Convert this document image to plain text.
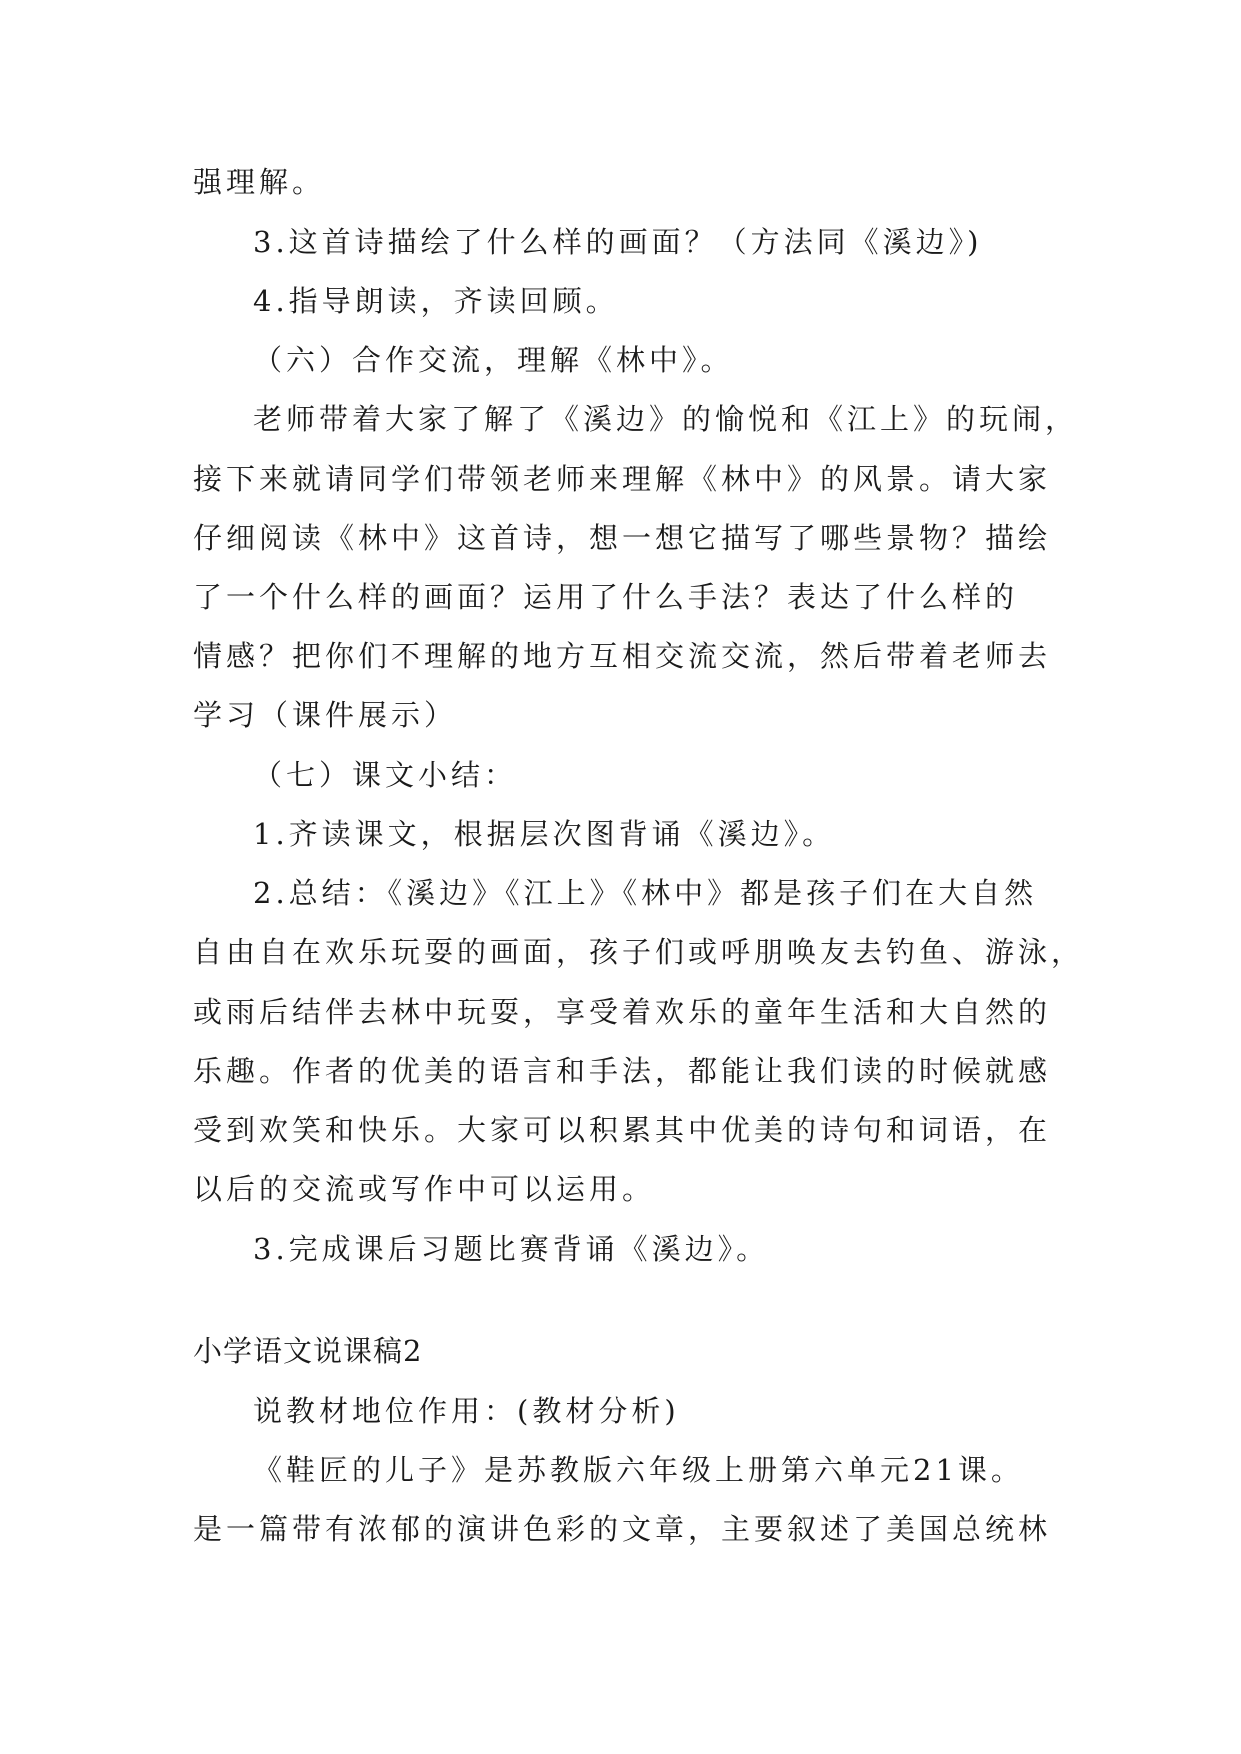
强理解。

3.这首诗描绘了什么样的画面？（方法同《溪边》)

4.指导朗读，齐读回顾。

（六）合作交流，理解《林中》。

老师带着大家了解了《溪边》的愉悦和《江上》的玩闹，

接下来就请同学们带领老师来理解《林中》的风景。请大家

仔细阅读《林中》这首诗，想一想它描写了哪些景物？描绘

了一个什么样的画面？运用了什么手法？表达了什么样的

情感？把你们不理解的地方互相交流交流，然后带着老师去

学习（课件展示）

（七）课文小结：

1.齐读课文，根据层次图背诵《溪边》。

2.总结：《溪边》《江上》《林中》都是孩子们在大自然

自由自在欢乐玩耍的画面，孩子们或呼朋唤友去钓鱼、游泳，

或雨后结伴去林中玩耍，享受着欢乐的童年生活和大自然的

乐趣。作者的优美的语言和手法，都能让我们读的时候就感

受到欢笑和快乐。大家可以积累其中优美的诗句和词语，在

以后的交流或写作中可以运用。

3.完成课后习题比赛背诵《溪边》。

小学语文说课稿2

说教材地位作用：(教材分析)

《鞋匠的儿子》是苏教版六年级上册第六单元21课。

是一篇带有浓郁的演讲色彩的文章，主要叙述了美国总统林
